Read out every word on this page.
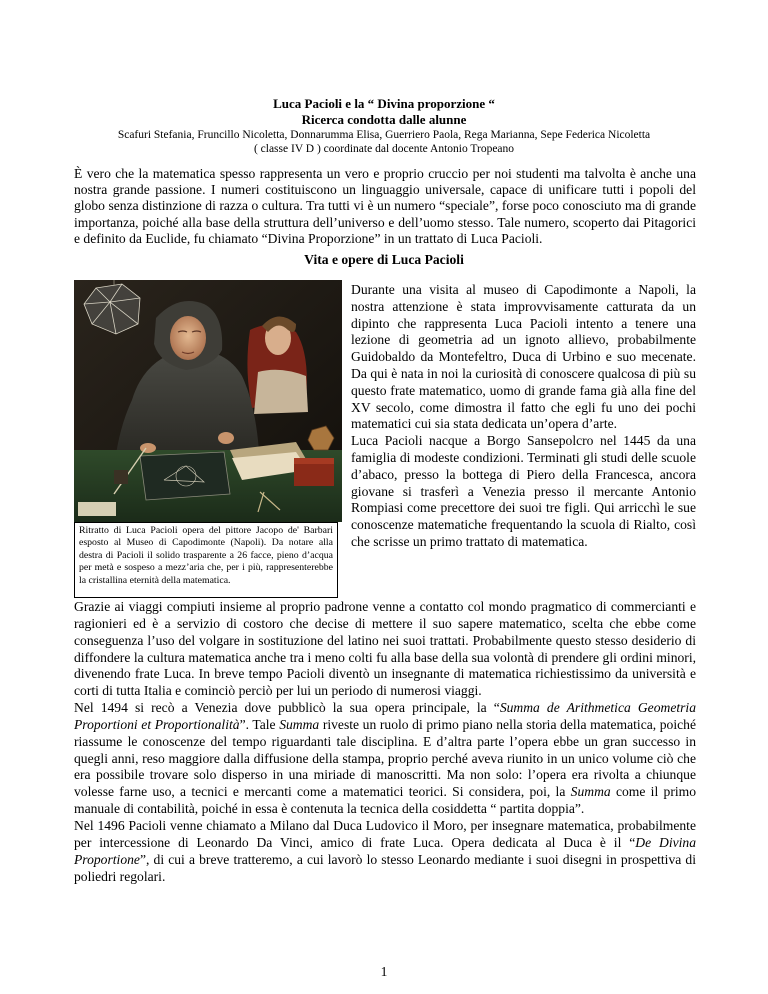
Luca Pacioli e la “ Divina proporzione “
Ricerca condotta dalle alunne
Scafuri Stefania, Fruncillo Nicoletta, Donnarumma Elisa, Guerriero Paola, Rega Marianna, Sepe Federica Nicoletta
( classe IV D ) coordinate dal docente Antonio Tropeano
È vero che la matematica spesso rappresenta un vero e proprio cruccio per noi studenti ma talvolta è anche una nostra grande passione. I numeri costituiscono un linguaggio universale, capace di unificare tutti i popoli del globo senza distinzione di razza o cultura. Tra tutti vi è un numero “speciale”, forse poco conosciuto ma di grande importanza, poiché alla base della struttura dell’universo e dell’uomo stesso. Tale numero, scoperto dai Pitagorici e definito da Euclide, fu chiamato “Divina Proporzione” in un trattato di Luca Pacioli.
Vita e opere di Luca Pacioli
Ritratto di Luca Pacioli opera del pittore Jacopo de' Barbari esposto al Museo di Capodimonte (Napoli). Da notare alla destra di Pacioli il solido trasparente a 26 facce, pieno d’acqua per metà e sospeso a mezz’aria che, per i più, rappresenterebbe la cristallina eternità della matematica.

Durante una visita al museo di Capodimonte a Napoli, la nostra attenzione è stata improvvisamente catturata da un dipinto che rappresenta Luca Pacioli intento a tenere una lezione di geometria ad un ignoto allievo, probabilmente Guidobaldo da Montefeltro, Duca di Urbino e suo mecenate. Da qui è nata in noi la curiosità di conoscere qualcosa di più su questo frate matematico, uomo di grande fama già alla fine del XV secolo, come dimostra il fatto che egli fu uno dei pochi matematici cui sia stata dedicata un’opera d’arte.

Luca Pacioli nacque a Borgo Sansepolcro nel 1445 da una famiglia di modeste condizioni. Terminati gli studi delle scuole d’abaco, presso la bottega di Piero della Francesca, ancora giovane si trasferì a Venezia presso il mercante Antonio Rompiasi come precettore dei suoi tre figli. Qui arricchì le sue conoscenze matematiche frequentando la scuola di Rialto, così che scrisse un primo trattato di matematica.

Grazie ai viaggi compiuti insieme al proprio padrone venne a contatto col mondo pragmatico di commercianti e ragionieri ed è a servizio di costoro che decise di mettere il suo sapere matematico, scelta che ebbe come conseguenza l’uso del volgare in sostituzione del latino nei suoi trattati. Probabilmente questo stesso desiderio di diffondere la cultura matematica anche tra i meno colti fu alla base della sua volontà di prendere gli ordini minori, divenendo frate Luca. In breve tempo Pacioli diventò un insegnante di matematica richiestissimo da università e corti di tutta Italia e cominciò perciò per lui un periodo di numerosi viaggi.

Nel 1494 si recò a Venezia dove pubblicò la sua opera principale, la “Summa de Arithmetica Geometria Proportioni et Proportionalità”. Tale Summa riveste un ruolo di primo piano nella storia della matematica, poiché riassume le conoscenze del tempo riguardanti tale disciplina. E d’altra parte l’opera ebbe un gran successo in quegli anni, reso maggiore dalla diffusione della stampa, proprio perché aveva riunito in un unico volume ciò che era possibile trovare solo disperso in una miriade di manoscritti. Ma non solo: l’opera era rivolta a chiunque volesse farne uso, a tecnici e mercanti come a matematici teorici. Si considera, poi, la Summa come il primo manuale di contabilità, poiché in essa è contenuta la tecnica della cosiddetta “ partita doppia”.

Nel 1496 Pacioli venne chiamato a Milano dal Duca Ludovico il Moro, per insegnare matematica, probabilmente per intercessione di Leonardo Da Vinci, amico di frate Luca. Opera dedicata al Duca è il “De Divina Proportione”, di cui a breve tratteremo, a cui lavorò lo stesso Leonardo mediante i suoi disegni in prospettiva di poliedri regolari.

1
